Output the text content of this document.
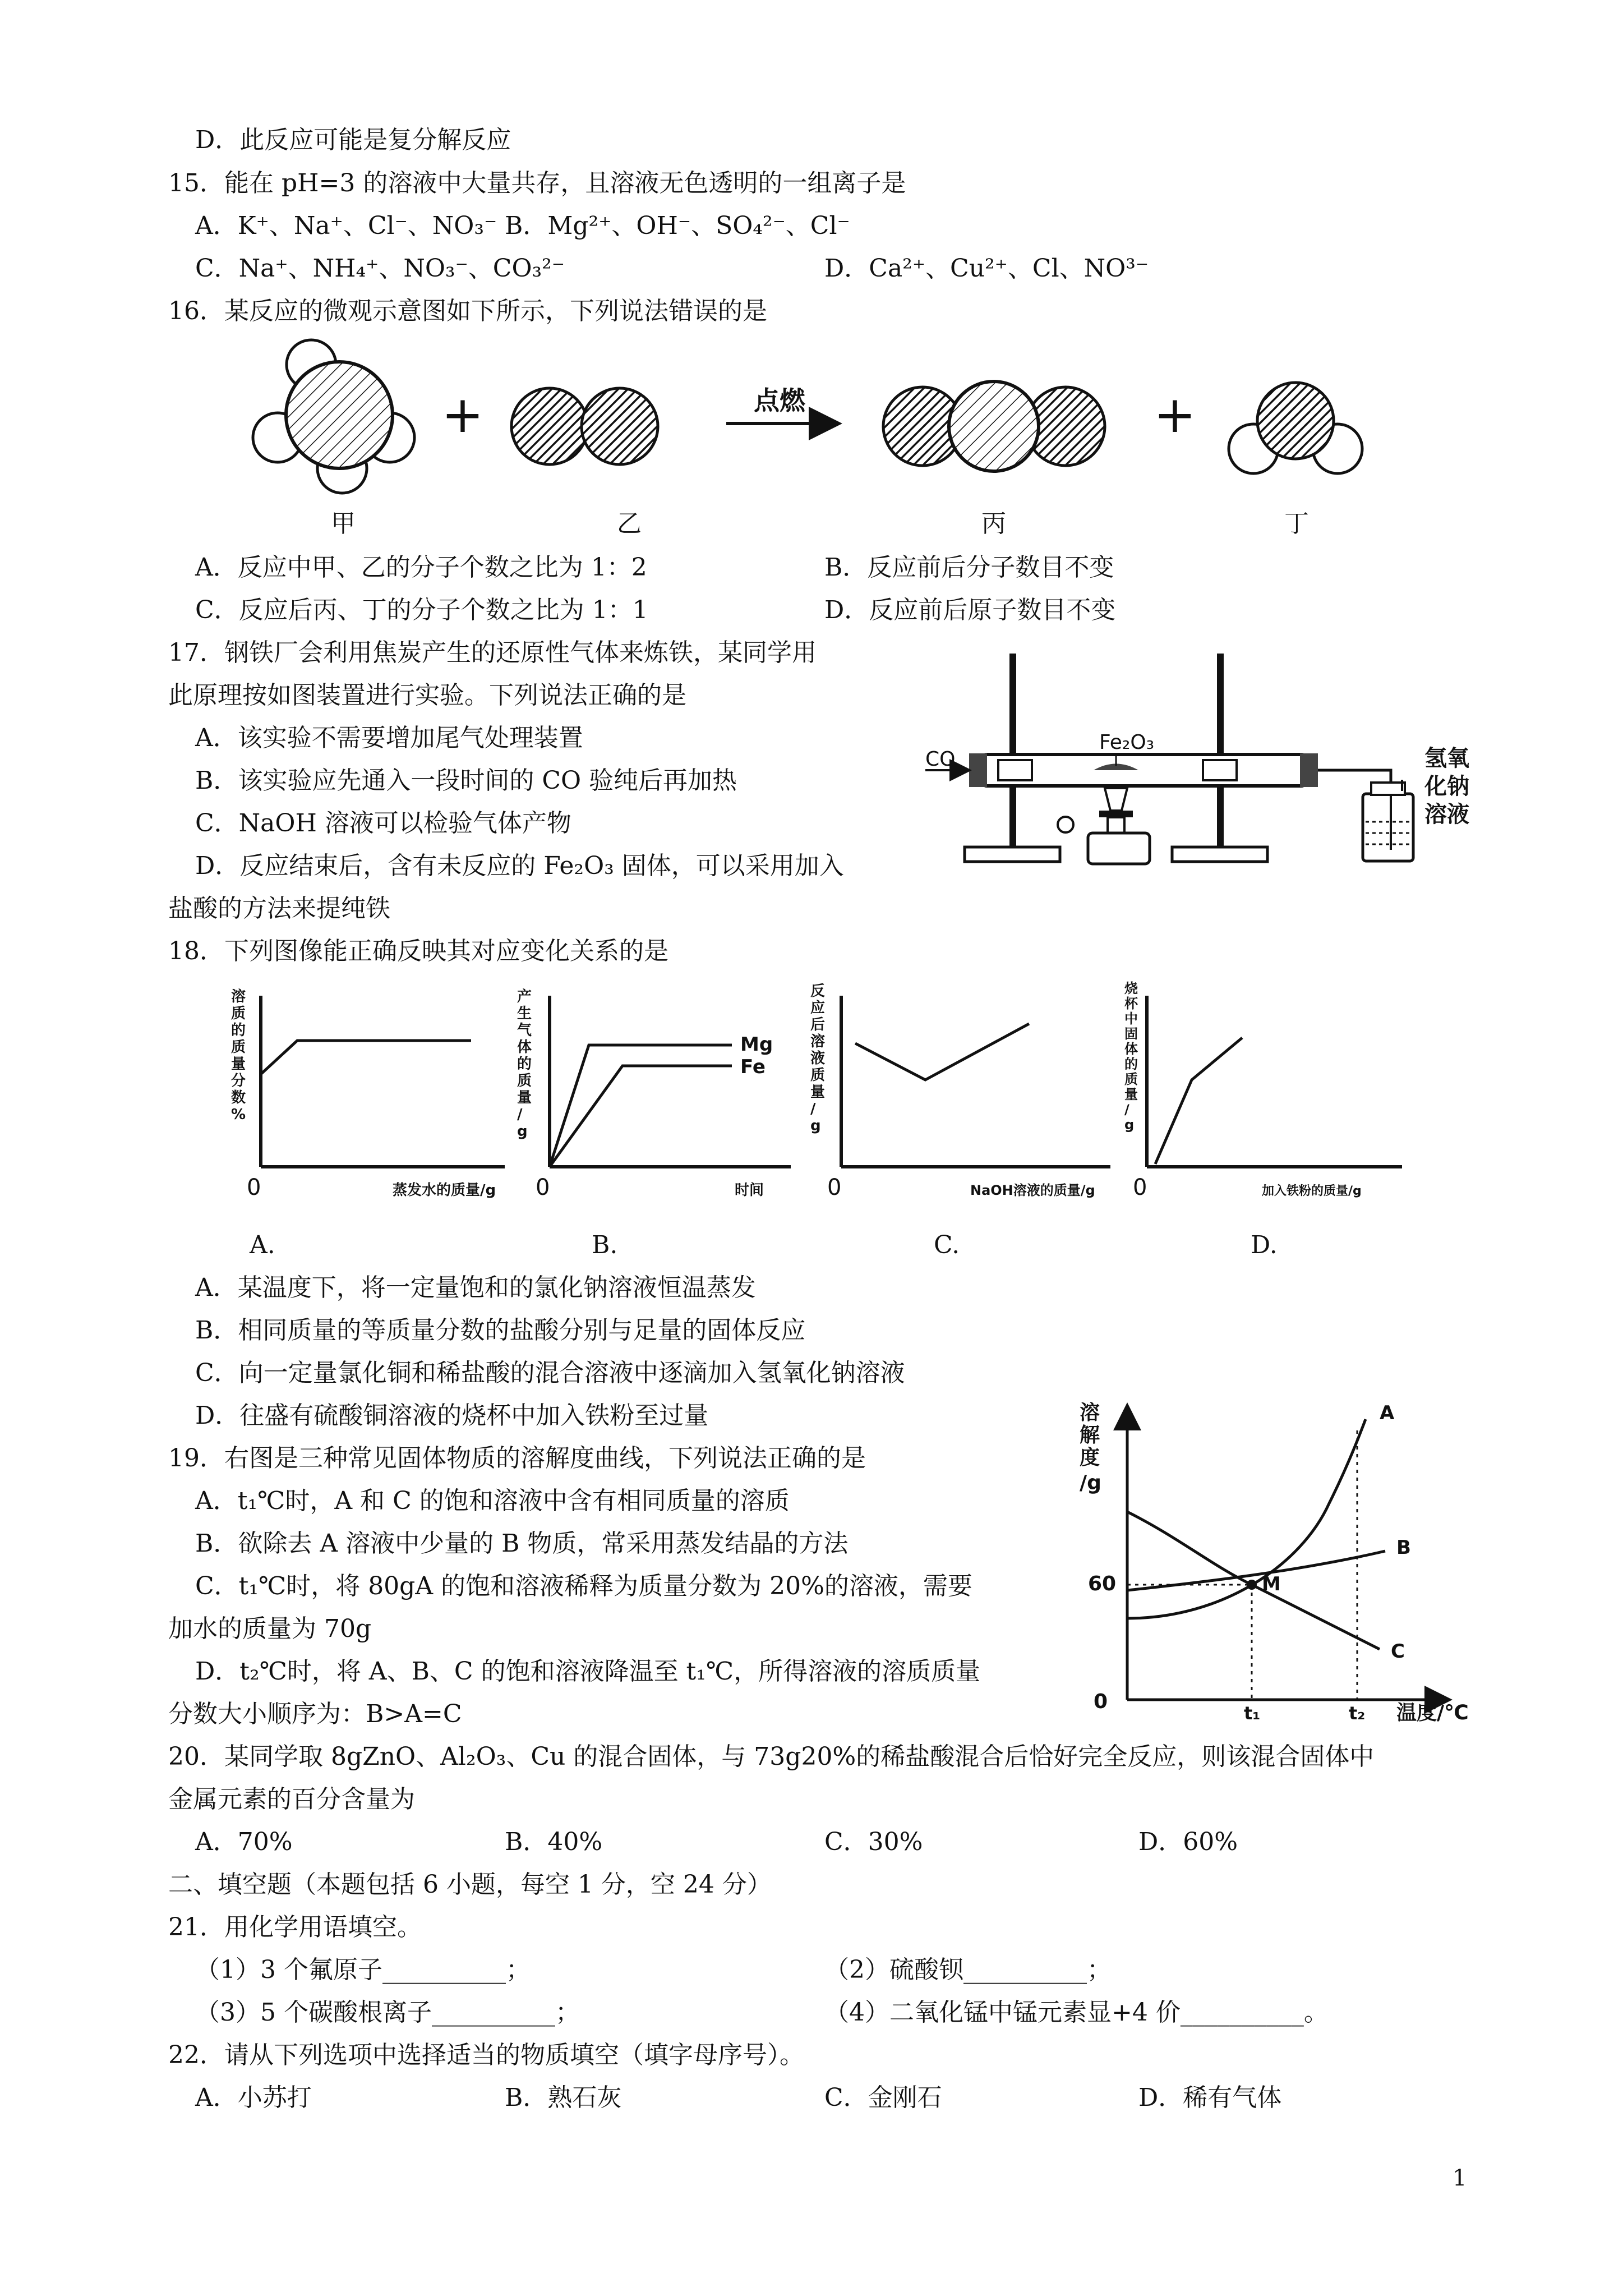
D．此反应可能是复分解反应
15．能在 pH=3 的溶液中大量共存，且溶液无色透明的一组离子是
A．K⁺、Na⁺、Cl⁻、NO₃⁻ B．Mg²⁺、OH⁻、SO₄²⁻、Cl⁻
C．Na⁺、NH₄⁺、NO₃⁻、CO₃²⁻	D．Ca²⁺、Cu²⁺、Cl、NO³⁻
16．某反应的微观示意图如下所示，下列说法错误的是
+	点燃	+
甲	乙	丙	丁
A．反应中甲、乙的分子个数之比为 1：2	B．反应前后分子数目不变
C．反应后丙、丁的分子个数之比为 1：1	D．反应前后原子数目不变
17．钢铁厂会利用焦炭产生的还原性气体来炼铁，某同学用
此原理按如图装置进行实验。下列说法正确的是
A．该实验不需要增加尾气处理装置
B．该实验应先通入一段时间的 CO 验纯后再加热
C．NaOH 溶液可以检验气体产物
D．反应结束后，含有未反应的 Fe₂O₃ 固体，可以采用加入
盐酸的方法来提纯铁
Fe₂O₃
CO	氢氧
化钠
溶液
18．下列图像能正确反映其对应变化关系的是
溶
质
的
质
量
分
数
%
0	蒸发水的质量/g
产
生
气
体
的
质
量
/
g
0	时间
Mg
Fe
反
应
后
溶
液
质
量
/
g
0	NaOH溶液的质量/g
烧
杯
中
固
体
的
质
量
/
g
0	加入铁粉的质量/g
A.	B.	C.	D.
A．某温度下，将一定量饱和的氯化钠溶液恒温蒸发
B．相同质量的等质量分数的盐酸分别与足量的固体反应
C．向一定量氯化铜和稀盐酸的混合溶液中逐滴加入氢氧化钠溶液
D．往盛有硫酸铜溶液的烧杯中加入铁粉至过量
19．右图是三种常见固体物质的溶解度曲线，下列说法正确的是
A．t₁℃时，A 和 C 的饱和溶液中含有相同质量的溶质
B．欲除去 A 溶液中少量的 B 物质，常采用蒸发结晶的方法
C．t₁℃时，将 80gA 的饱和溶液稀释为质量分数为 20%的溶液，需要
加水的质量为 70g
D．t₂℃时，将 A、B、C 的饱和溶液降温至 t₁℃，所得溶液的溶质质量
分数大小顺序为：B>A=C
溶
解
度
/g
0
60
t₁	t₂ 温度/℃
M
A
B
C
20．某同学取 8gZnO、Al₂O₃、Cu 的混合固体，与 73g20%的稀盐酸混合后恰好完全反应，则该混合固体中
金属元素的百分含量为
A．70%	B．40%	C．30%	D．60%
二、填空题（本题包括 6 小题，每空 1 分，空 24 分）
21．用化学用语填空。
（1）3 个氟原子__________；	（2）硫酸钡__________；
（3）5 个碳酸根离子__________；	（4）二氧化锰中锰元素显+4 价__________。
22．请从下列选项中选择适当的物质填空（填字母序号）。
A．小苏打	B．熟石灰	C．金刚石	D．稀有气体
1
